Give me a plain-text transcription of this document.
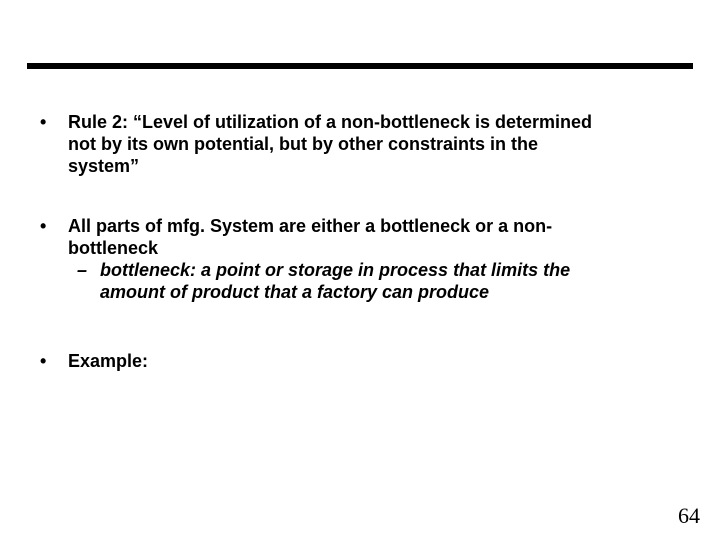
• Rule 2: “Level of utilization of a non-bottleneck is determined
not by its own potential, but by other constraints in the
system”
• All parts of mfg. System are either a bottleneck or a non-
bottleneck
– bottleneck: a point or storage in process that limits the
amount of product that a factory can produce
• Example:
64
